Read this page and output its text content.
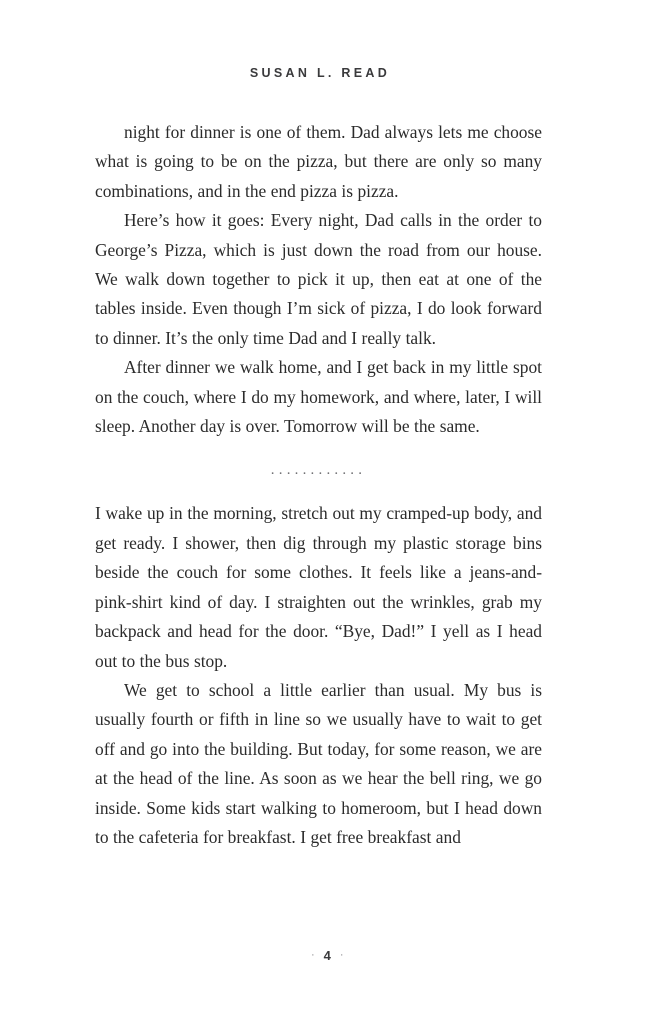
SUSAN L. READ

night for dinner is one of them. Dad always lets me choose what is going to be on the pizza, but there are only so many combinations, and in the end pizza is pizza.

Here’s how it goes: Every night, Dad calls in the order to George’s Pizza, which is just down the road from our house. We walk down together to pick it up, then eat at one of the tables inside. Even though I’m sick of pizza, I do look forward to dinner. It’s the only time Dad and I really talk.

After dinner we walk home, and I get back in my little spot on the couch, where I do my homework, and where, later, I will sleep. Another day is over. Tomorrow will be the same.

............

I wake up in the morning, stretch out my cramped-up body, and get ready. I shower, then dig through my plastic storage bins beside the couch for some clothes. It feels like a jeans-and-pink-shirt kind of day. I straighten out the wrinkles, grab my backpack and head for the door. “Bye, Dad!” I yell as I head out to the bus stop.

We get to school a little earlier than usual. My bus is usually fourth or fifth in line so we usually have to wait to get off and go into the building. But today, for some reason, we are at the head of the line. As soon as we hear the bell ring, we go inside. Some kids start walking to homeroom, but I head down to the cafeteria for breakfast. I get free breakfast and

· 4 ·
